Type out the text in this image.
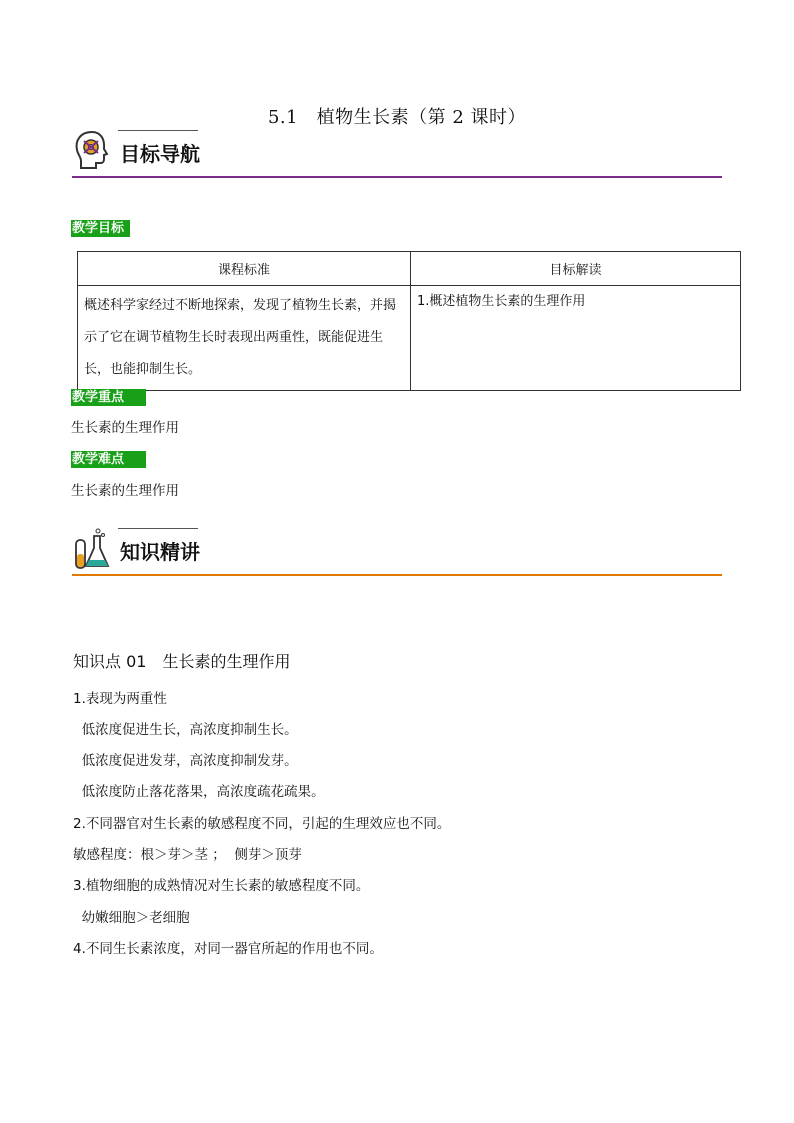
5.1　植物生长素（第 2 课时）
目标导航
教学目标
课程标准	目标解读
概述科学家经过不断地探索，发现了植物生长素，并揭示了它在调节植物生长时表现出两重性，既能促进生长，也能抑制生长。	1.概述植物生长素的生理作用
教学重点
生长素的生理作用
教学难点
生长素的生理作用
知识精讲
知识点 01　生长素的生理作用
1.表现为两重性
低浓度促进生长，高浓度抑制生长。
低浓度促进发芽，高浓度抑制发芽。
低浓度防止落花落果，高浓度疏花疏果。
2.不同器官对生长素的敏感程度不同，引起的生理效应也不同。
敏感程度：根＞芽＞茎 ；  侧芽＞顶芽
3.植物细胞的成熟情况对生长素的敏感程度不同。
幼嫩细胞＞老细胞
4.不同生长素浓度，对同一器官所起的作用也不同。
